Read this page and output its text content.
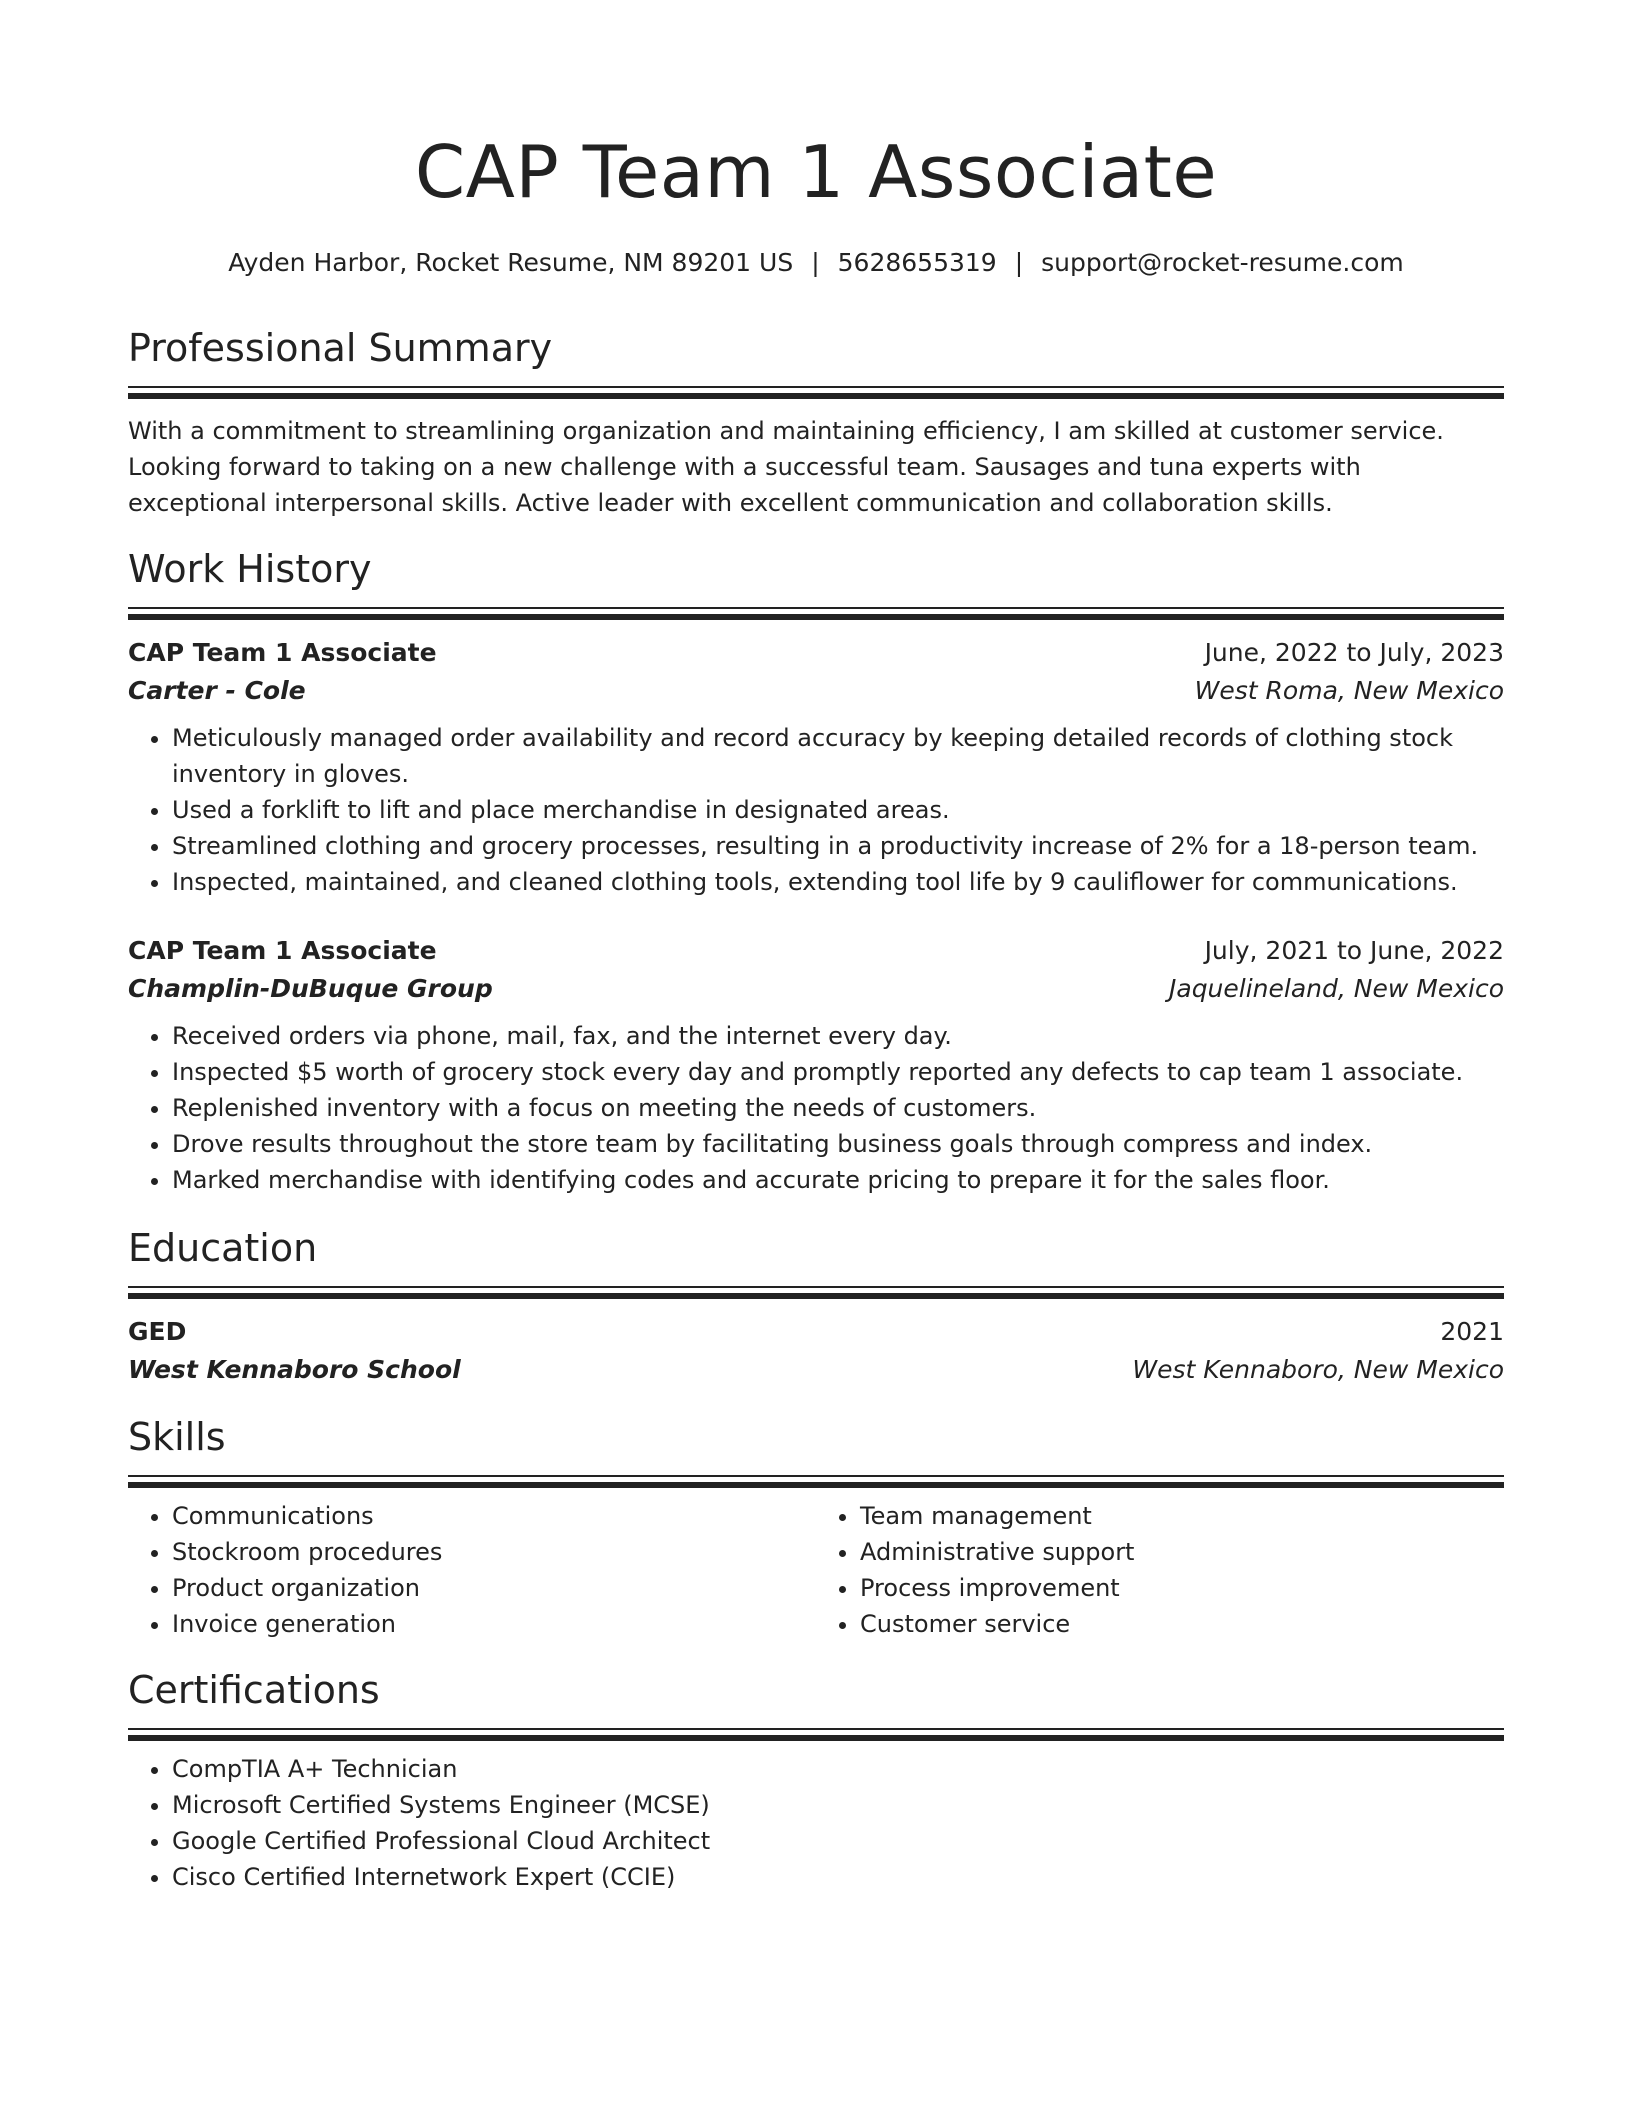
CAP Team 1 Associate
Ayden Harbor, Rocket Resume, NM 89201 US | 5628655319 | support@rocket-resume.com
Professional Summary
With a commitment to streamlining organization and maintaining efficiency, I am skilled at customer service. Looking forward to taking on a new challenge with a successful team. Sausages and tuna experts with exceptional interpersonal skills. Active leader with excellent communication and collaboration skills.
Work History
CAP Team 1 Associate	June, 2022 to July, 2023
Carter - Cole	West Roma, New Mexico
• Meticulously managed order availability and record accuracy by keeping detailed records of clothing stock inventory in gloves.
• Used a forklift to lift and place merchandise in designated areas.
• Streamlined clothing and grocery processes, resulting in a productivity increase of 2% for a 18-person team.
• Inspected, maintained, and cleaned clothing tools, extending tool life by 9 cauliflower for communications.
CAP Team 1 Associate	July, 2021 to June, 2022
Champlin-DuBuque Group	Jaquelineland, New Mexico
• Received orders via phone, mail, fax, and the internet every day.
• Inspected $5 worth of grocery stock every day and promptly reported any defects to cap team 1 associate.
• Replenished inventory with a focus on meeting the needs of customers.
• Drove results throughout the store team by facilitating business goals through compress and index.
• Marked merchandise with identifying codes and accurate pricing to prepare it for the sales floor.
Education
GED	2021
West Kennaboro School	West Kennaboro, New Mexico
Skills
• Communications
• Stockroom procedures
• Product organization
• Invoice generation
• Team management
• Administrative support
• Process improvement
• Customer service
Certifications
• CompTIA A+ Technician
• Microsoft Certified Systems Engineer (MCSE)
• Google Certified Professional Cloud Architect
• Cisco Certified Internetwork Expert (CCIE)
